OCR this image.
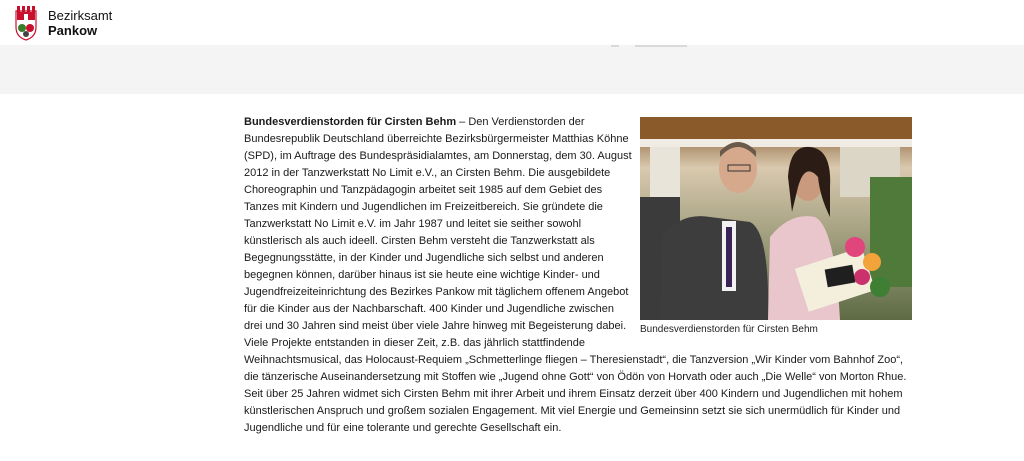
Bezirksamt
Pankow
Bundesverdienstorden für Cirsten Behm

Bundesverdienstorden für Cirsten Behm – Den Verdienstorden der Bundesrepublik Deutschland überreichte Bezirksbürgermeister Matthias Köhne (SPD), im Auftrage des Bundespräsidialamtes, am Donnerstag, dem 30. August 2012 in der Tanzwerkstatt No Limit e.V., an Cirsten Behm. Die ausgebildete Choreographin und Tanzpädagogin arbeitet seit 1985 auf dem Gebiet des Tanzes mit Kindern und Jugendlichen im Freizeitbereich. Sie gründete die Tanzwerkstatt No Limit e.V. im Jahr 1987 und leitet sie seither sowohl künstlerisch als auch ideell. Cirsten Behm versteht die Tanzwerkstatt als Begegnungsstätte, in der Kinder und Jugendliche sich selbst und anderen begegnen können, darüber hinaus ist sie heute eine wichtige Kinder- und Jugendfreizeiteinrichtung des Bezirkes Pankow mit täglichem offenem Angebot für die Kinder aus der Nachbarschaft. 400 Kinder und Jugendliche zwischen drei und 30 Jahren sind meist über viele Jahre hinweg mit Begeisterung dabei. Viele Projekte entstanden in dieser Zeit, z.B. das jährlich stattfindende Weihnachtsmusical, das Holocaust-Requiem „Schmetterlinge fliegen – Theresienstadt“, die Tanzversion „Wir Kinder vom Bahnhof Zoo“, die tänzerische Auseinandersetzung mit Stoffen wie „Jugend ohne Gott“ von Ödön von Horvath oder auch „Die Welle“ von Morton Rhue. Seit über 25 Jahren widmet sich Cirsten Behm mit ihrer Arbeit und ihrem Einsatz derzeit über 400 Kindern und Jugendlichen mit hohem künstlerischen Anspruch und großem sozialen Engagement. Mit viel Energie und Gemeinsinn setzt sie sich unermüdlich für Kinder und Jugendliche und für eine tolerante und gerechte Gesellschaft ein.
